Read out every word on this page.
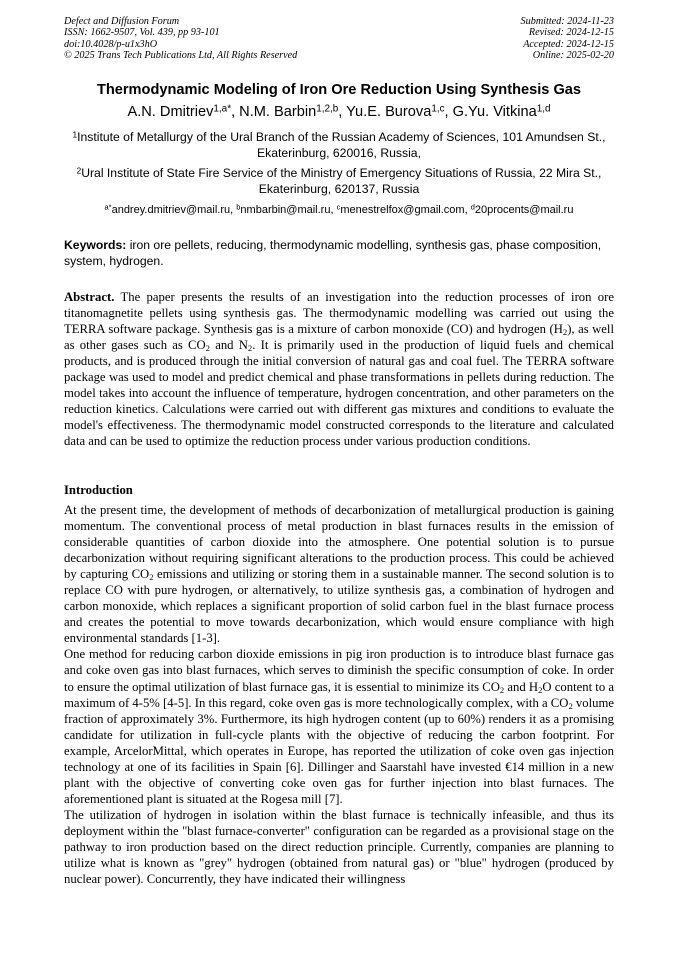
Defect and Diffusion Forum
ISSN: 1662-9507, Vol. 439, pp 93-101
doi:10.4028/p-u1x3hO
© 2025 Trans Tech Publications Ltd, All Rights Reserved
Submitted: 2024-11-23
Revised: 2024-12-15
Accepted: 2024-12-15
Online: 2025-02-20
Thermodynamic Modeling of Iron Ore Reduction Using Synthesis Gas
A.N. Dmitriev$^{1,a*}$, N.M. Barbin$^{1,2,b}$, Yu.E. Burova$^{1,c}$, G.Yu. Vitkina$^{1,d}$
$^1$Institute of Metallurgy of the Ural Branch of the Russian Academy of Sciences, 101 Amundsen St., Ekaterinburg, 620016, Russia,
$^2$Ural Institute of State Fire Service of the Ministry of Emergency Situations of Russia, 22 Mira St., Ekaterinburg, 620137, Russia
$^{a*}$andrey.dmitriev@mail.ru, $^b$nmbarbin@mail.ru, $^c$menestrelfox@gmail.com, $^d$20procents@mail.ru
Keywords: iron ore pellets, reducing, thermodynamic modelling, synthesis gas, phase composition, system, hydrogen.

Abstract. The paper presents the results of an investigation into the reduction processes of iron ore titanomagnetite pellets using synthesis gas. The thermodynamic modelling was carried out using the TERRA software package. Synthesis gas is a mixture of carbon monoxide (CO) and hydrogen $(H_2)$, as well as other gases such as $CO_2$ and $N_2$. It is primarily used in the production of liquid fuels and chemical products, and is produced through the initial conversion of natural gas and coal fuel. The TERRA software package was used to model and predict chemical and phase transformations in pellets during reduction. The model takes into account the influence of temperature, hydrogen concentration, and other parameters on the reduction kinetics. Calculations were carried out with different gas mixtures and conditions to evaluate the model's effectiveness. The thermodynamic model constructed corresponds to the literature and calculated data and can be used to optimize the reduction process under various production conditions.

Introduction

At the present time, the development of methods of decarbonization of metallurgical production is gaining momentum. The conventional process of metal production in blast furnaces results in the emission of considerable quantities of carbon dioxide into the atmosphere. One potential solution is to pursue decarbonization without requiring significant alterations to the production process. This could be achieved by capturing $CO_2$ emissions and utilizing or storing them in a sustainable manner. The second solution is to replace CO with pure hydrogen, or alternatively, to utilize synthesis gas, a combination of hydrogen and carbon monoxide, which replaces a significant proportion of solid carbon fuel in the blast furnace process and creates the potential to move towards decarbonization, which would ensure compliance with high environmental standards [1-3].

One method for reducing carbon dioxide emissions in pig iron production is to introduce blast furnace gas and coke oven gas into blast furnaces, which serves to diminish the specific consumption of coke. In order to ensure the optimal utilization of blast furnace gas, it is essential to minimize its $CO_2$ and $H_2O$ content to a maximum of 4-5% [4-5]. In this regard, coke oven gas is more technologically complex, with a $CO_2$ volume fraction of approximately 3%. Furthermore, its high hydrogen content (up to 60%) renders it as a promising candidate for utilization in full-cycle plants with the objective of reducing the carbon footprint. For example, ArcelorMittal, which operates in Europe, has reported the utilization of coke oven gas injection technology at one of its facilities in Spain [6]. Dillinger and Saarstahl have invested €14 million in a new plant with the objective of converting coke oven gas for further injection into blast furnaces. The aforementioned plant is situated at the Rogesa mill [7].

The utilization of hydrogen in isolation within the blast furnace is technically infeasible, and thus its deployment within the "blast furnace-converter" configuration can be regarded as a provisional stage on the pathway to iron production based on the direct reduction principle. Currently, companies are planning to utilize what is known as "grey" hydrogen (obtained from natural gas) or "blue" hydrogen (produced by nuclear power). Concurrently, they have indicated their willingness
